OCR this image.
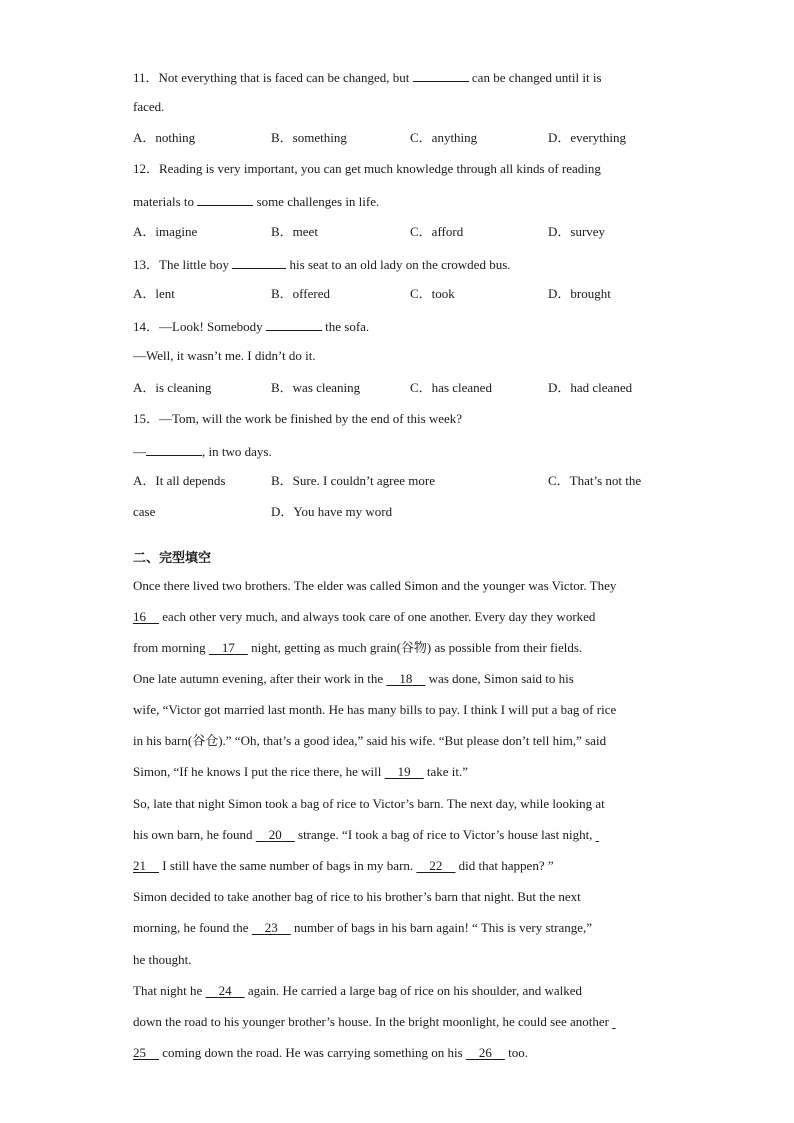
11．Not everything that is faced can be changed, but	can be changed until it is
faced.
A．nothing	B．something	C．anything	D．everything
12．Reading is very important, you can get much knowledge through all kinds of reading
materials to	some challenges in life.
A．imagine	B．meet	C．afford	D．survey
13．The little boy	his seat to an old lady on the crowded bus.
A．lent	B．offered	C．took	D．brought
14．—Look! Somebody	the sofa.
—Well, it wasn’t me. I didn’t do it.
A．is cleaning	B．was cleaning	C．has cleaned	D．had cleaned
15．—Tom, will the work be finished by the end of this week?
—	, in two days.
A．It all depends	B．Sure. I couldn’t agree more	C．That’s not the
case	D．You have my word
二、完型填空
Once there lived two brothers. The elder was called Simon and the younger was Victor. They
16 each other very much, and always took care of one another. Every day they worked
from morning 17 night, getting as much grain(谷物) as possible from their fields.
One late autumn evening, after their work in the 18 was done, Simon said to his
wife, “Victor got married last month. He has many bills to pay. I think I will put a bag of rice
in his barn(谷仓).” “Oh, that’s a good idea,” said his wife. “But please don’t tell him,” said
Simon, “If he knows I put the rice there, he will 19 take it.”
So, late that night Simon took a bag of rice to Victor’s barn. The next day, while looking at
his own barn, he found 20 strange. “I took a bag of rice to Victor’s house last night,
21 I still have the same number of bags in my barn. 22 did that happen? ”
Simon decided to take another bag of rice to his brother’s barn that night. But the next
morning, he found the 23 number of bags in his barn again! “ This is very strange,”
he thought.
That night he 24 again. He carried a large bag of rice on his shoulder, and walked
down the road to his younger brother’s house. In the bright moonlight, he could see another
25 coming down the road. He was carrying something on his 26 too.
